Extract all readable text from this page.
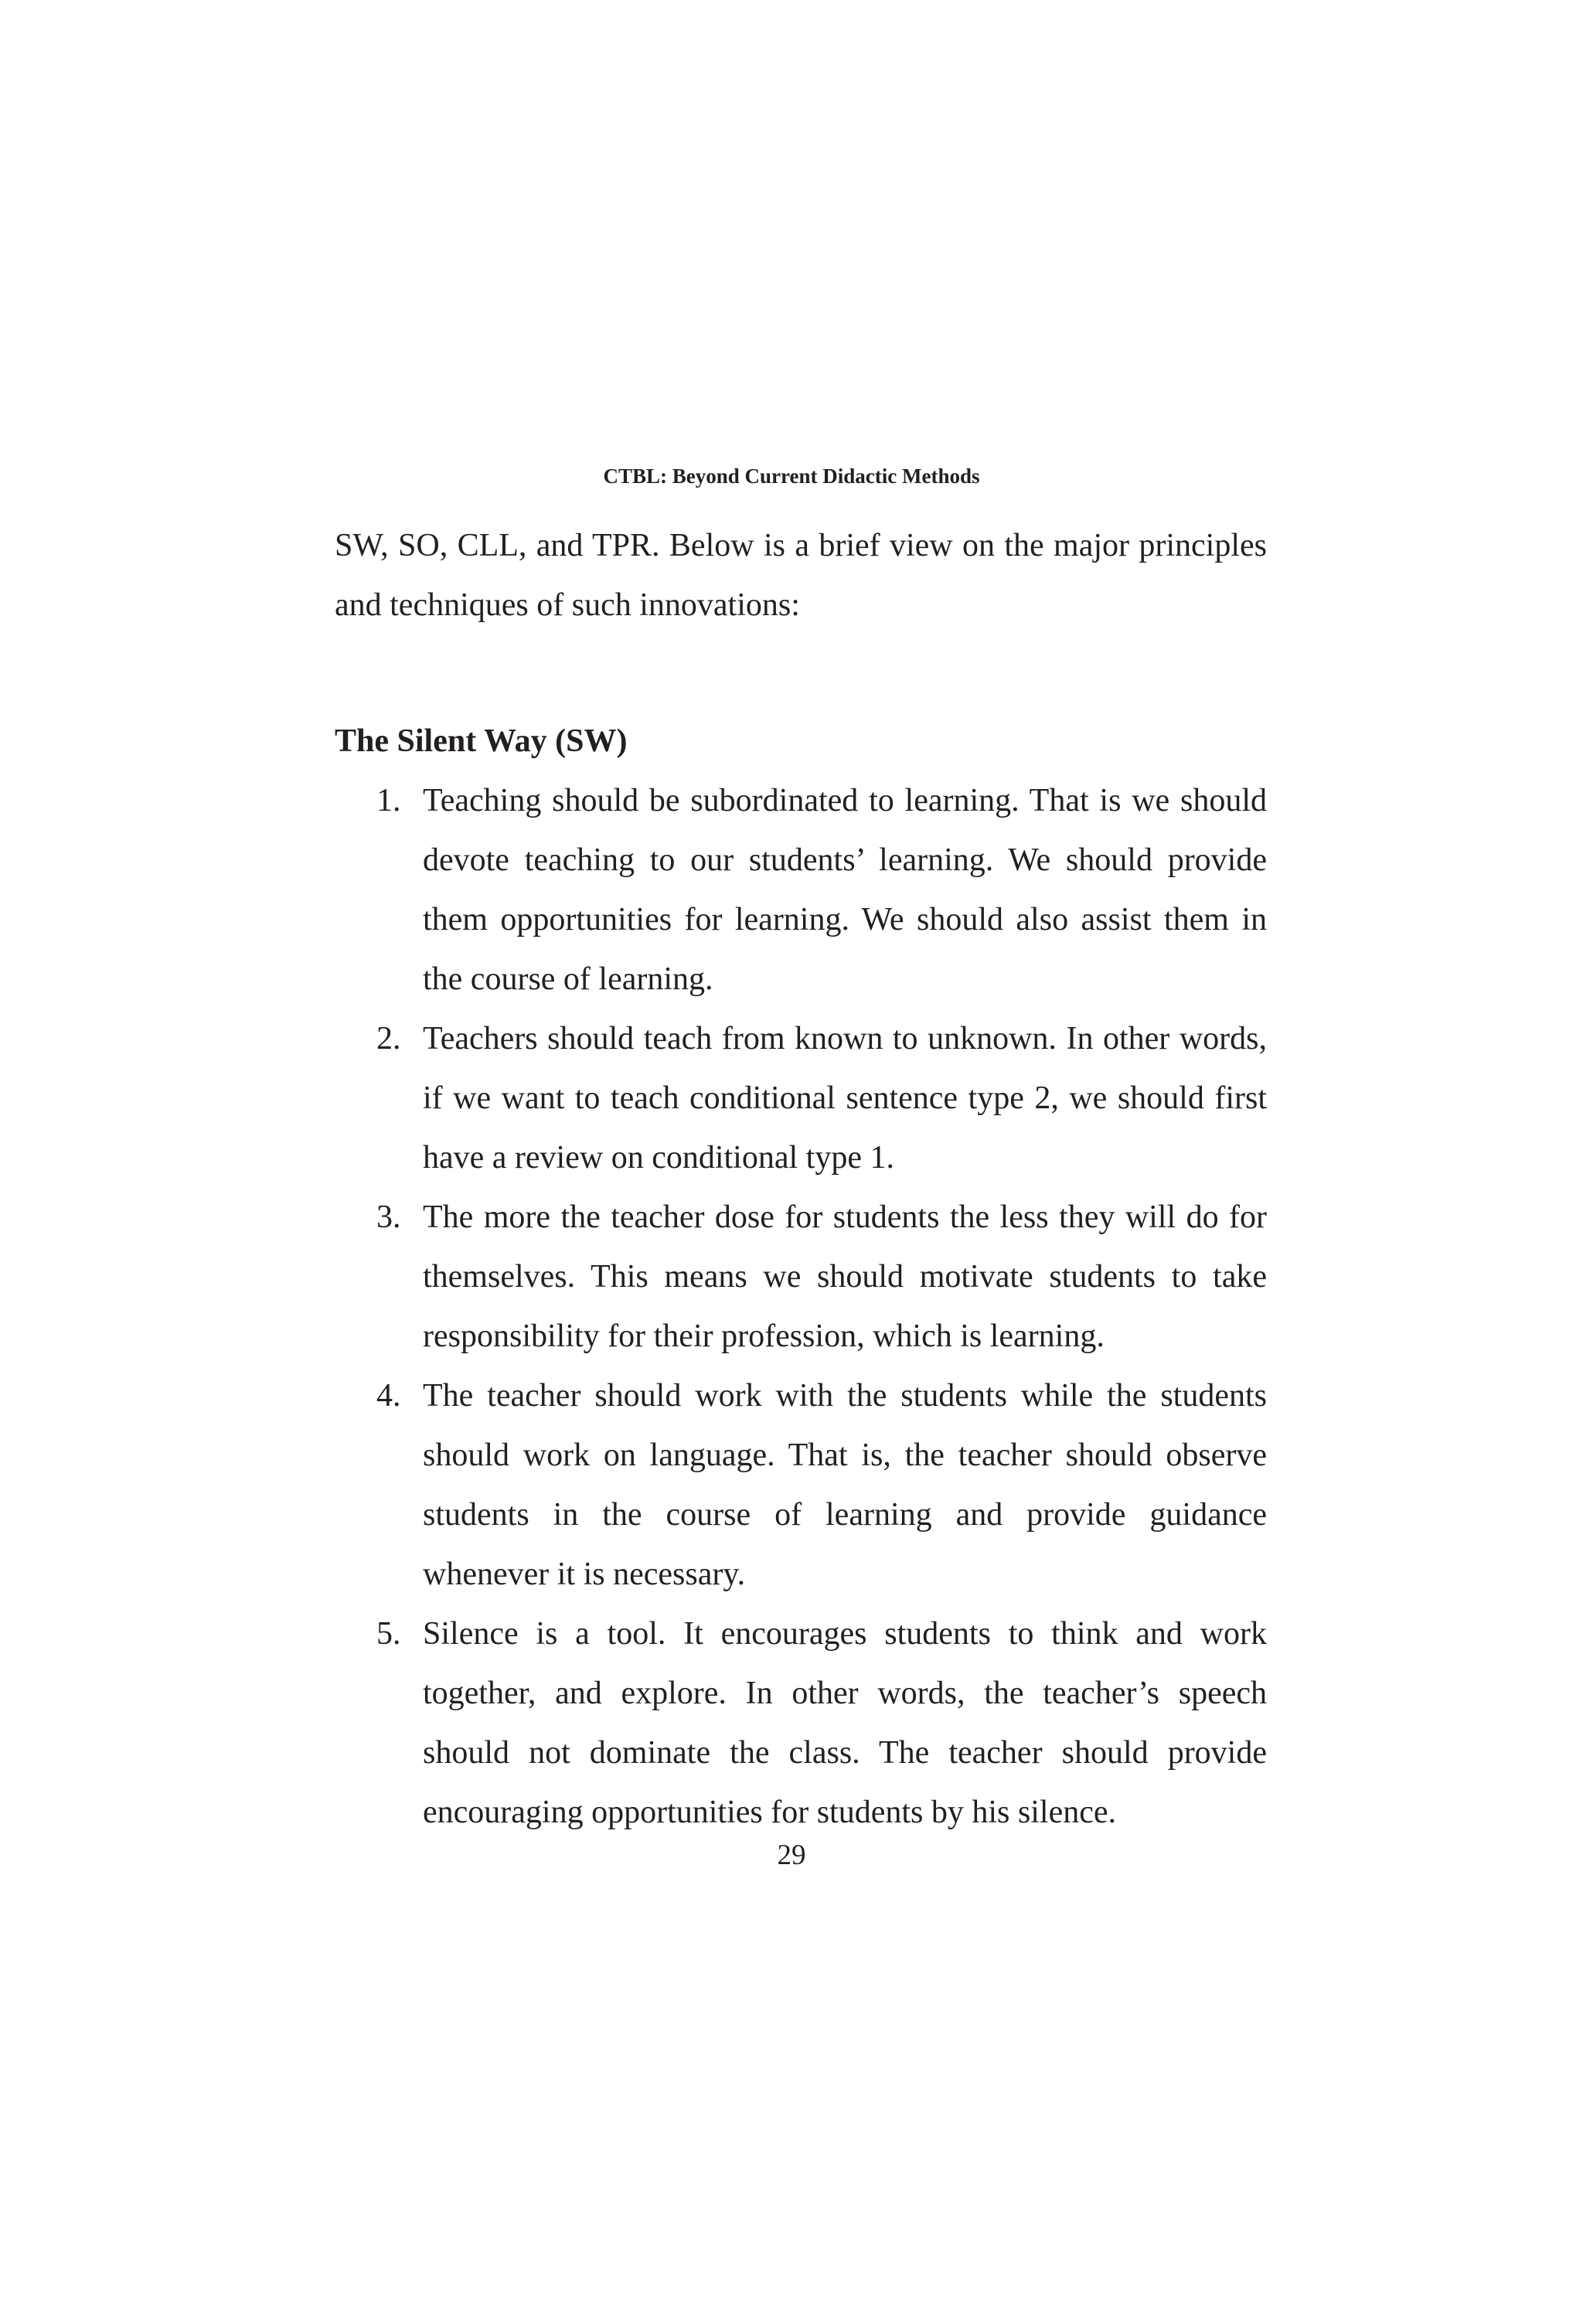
CTBL: Beyond Current Didactic Methods

SW, SO, CLL, and TPR. Below is a brief view on the major principles and techniques of such innovations:

The Silent Way (SW)
1. Teaching should be subordinated to learning. That is we should devote teaching to our students’ learning. We should provide them opportunities for learning. We should also assist them in the course of learning.
2. Teachers should teach from known to unknown. In other words, if we want to teach conditional sentence type 2, we should first have a review on conditional type 1.
3. The more the teacher dose for students the less they will do for themselves. This means we should motivate students to take responsibility for their profession, which is learning.
4. The teacher should work with the students while the students should work on language. That is, the teacher should observe students in the course of learning and provide guidance whenever it is necessary.
5. Silence is a tool. It encourages students to think and work together, and explore. In other words, the teacher’s speech should not dominate the class. The teacher should provide encouraging opportunities for students by his silence.
29
